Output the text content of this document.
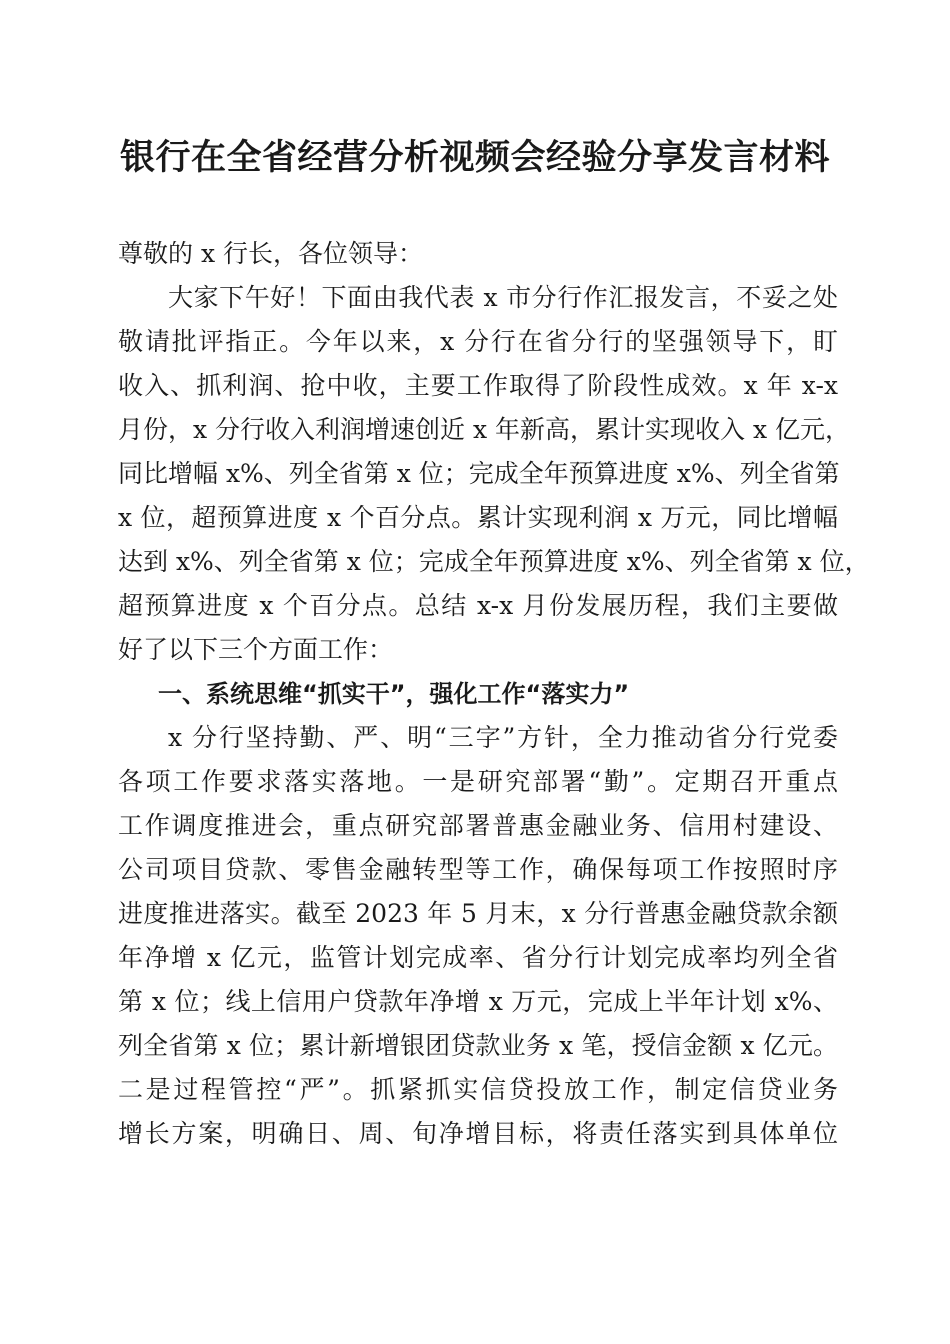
银行在全省经营分析视频会经验分享发言材料
尊敬的 x 行长，各位领导：
大家下午好！下面由我代表 x 市分行作汇报发言，不妥之处
敬请批评指正。今年以来，x 分行在省分行的坚强领导下，盯
收入、抓利润、抢中收，主要工作取得了阶段性成效。x 年 x-x
月份，x 分行收入利润增速创近 x 年新高，累计实现收入 x 亿元，
同比增幅 x%、列全省第 x 位；完成全年预算进度 x%、列全省第
x 位，超预算进度 x 个百分点。累计实现利润 x 万元，同比增幅
达到 x%、列全省第 x 位；完成全年预算进度 x%、列全省第 x 位，
超预算进度 x 个百分点。总结 x-x 月份发展历程，我们主要做
好了以下三个方面工作：
一、系统思维“抓实干”，强化工作“落实力”
x 分行坚持勤、严、明“三字”方针，全力推动省分行党委
各项工作要求落实落地。一是研究部署“勤”。定期召开重点
工作调度推进会，重点研究部署普惠金融业务、信用村建设、
公司项目贷款、零售金融转型等工作，确保每项工作按照时序
进度推进落实。截至 2023 年 5 月末，x 分行普惠金融贷款余额
年净增 x 亿元，监管计划完成率、省分行计划完成率均列全省
第 x 位；线上信用户贷款年净增 x 万元，完成上半年计划 x%、
列全省第 x 位；累计新增银团贷款业务 x 笔，授信金额 x 亿元。
二是过程管控“严”。抓紧抓实信贷投放工作，制定信贷业务
增长方案，明确日、周、旬净增目标，将责任落实到具体单位
